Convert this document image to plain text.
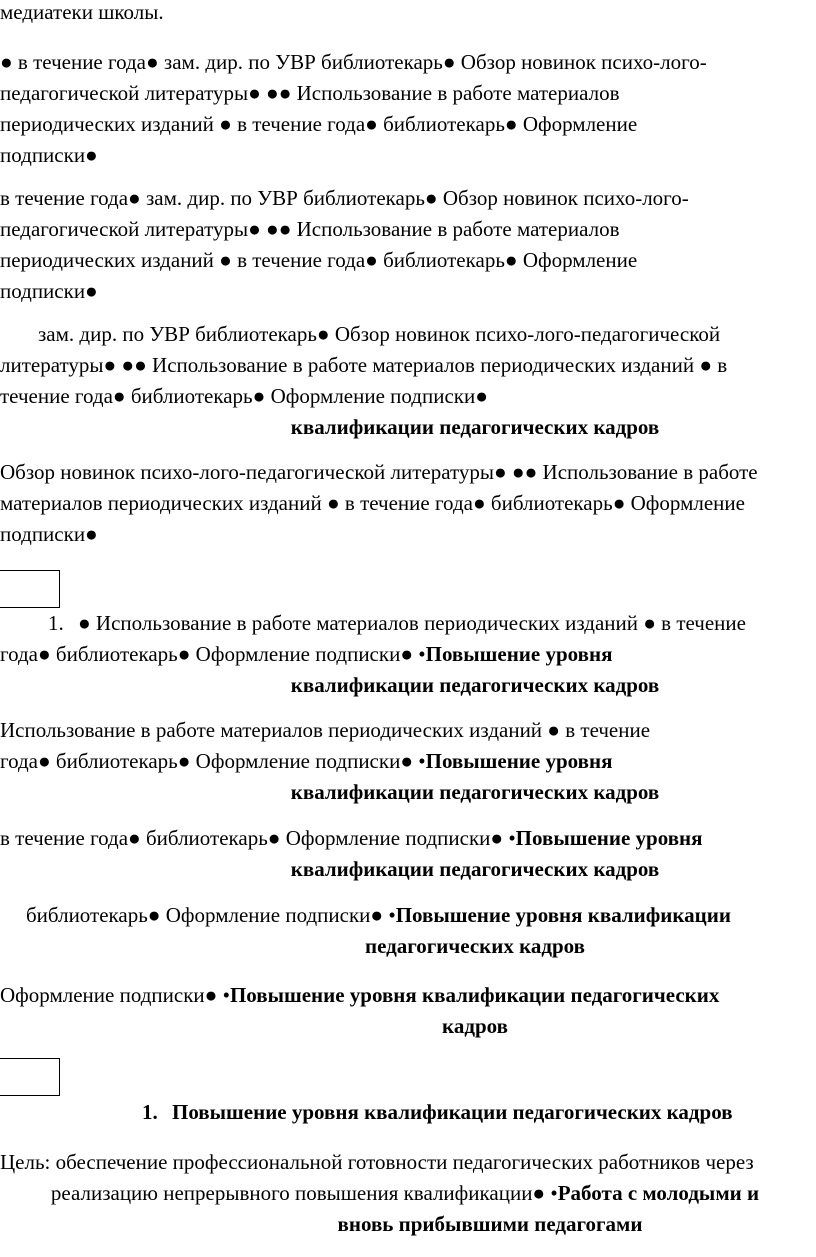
медиатеки школы.

● в течение года● зам. дир. по УВР библиотекарь● Обзор новинок психо-лого-

педагогической литературы● ●● Использование в работе материалов

периодических изданий ● в течение года● библиотекарь● Оформление

подписки●

в течение года● зам. дир. по УВР библиотекарь● Обзор новинок психо-лого-

педагогической литературы● ●● Использование в работе материалов

периодических изданий ● в течение года● библиотекарь● Оформление

подписки●

зам. дир. по УВР библиотекарь● Обзор новинок психо-лого-педагогической

литературы● ●● Использование в работе материалов периодических изданий ● в

течение года● библиотекарь● Оформление подписки●

квалификации педагогических кадров

Обзор новинок психо-лого-педагогической литературы● ●● Использование в работе

материалов периодических изданий ● в течение года● библиотекарь● Оформление

подписки●

1. ● Использование в работе материалов периодических изданий ● в течение

года● библиотекарь● Оформление подписки● •Повышение уровня

квалификации педагогических кадров

Использование в работе материалов периодических изданий ● в течение

года● библиотекарь● Оформление подписки● •Повышение уровня

квалификации педагогических кадров

в течение года● библиотекарь● Оформление подписки● •Повышение уровня

квалификации педагогических кадров

библиотекарь● Оформление подписки● •Повышение уровня квалификации

педагогических кадров

Оформление подписки● •Повышение уровня квалификации педагогических

кадров

1. Повышение уровня квалификации педагогических кадров

Цель: обеспечение профессиональной готовности педагогических работников через

реализацию непрерывного повышения квалификации● •Работа с молодыми и

вновь прибывшими педагогами
